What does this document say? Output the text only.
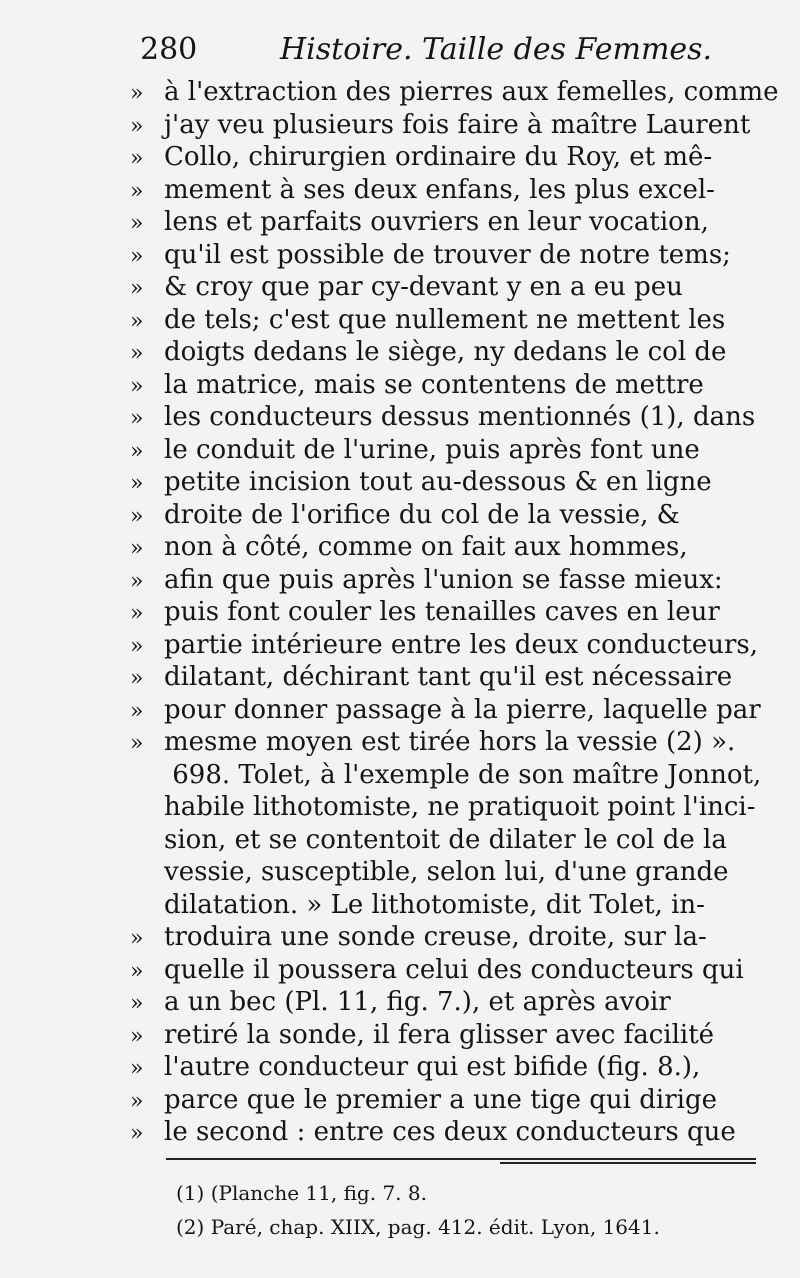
280	Histoire. Taille des Femmes.
» à l'extraction des pierres aux femelles, comme
» j'ay veu plusieurs fois faire à maître Laurent
» Collo, chirurgien ordinaire du Roy, et mê-
» mement à ses deux enfans, les plus excel-
» lens et parfaits ouvriers en leur vocation,
» qu'il est possible de trouver de notre tems;
» & croy que par cy-devant y en a eu peu
» de tels; c'est que nullement ne mettent les
» doigts dedans le siège, ny dedans le col de
» la matrice, mais se contentens de mettre
» les conducteurs dessus mentionnés (1), dans
» le conduit de l'urine, puis après font une
» petite incision tout au-dessous & en ligne
» droite de l'orifice du col de la vessie, &
» non à côté, comme on fait aux hommes,
» afin que puis après l'union se fasse mieux:
» puis font couler les tenailles caves en leur
» partie intérieure entre les deux conducteurs,
» dilatant, déchirant tant qu'il est nécessaire
» pour donner passage à la pierre, laquelle par
» mesme moyen est tirée hors la vessie (2) ».
698. Tolet, à l'exemple de son maître Jonnot,
habile lithotomiste, ne pratiquoit point l'inci-
sion, et se contentoit de dilater le col de la
vessie, susceptible, selon lui, d'une grande
dilatation. » Le lithotomiste, dit Tolet, in-
» troduira une sonde creuse, droite, sur la-
» quelle il poussera celui des conducteurs qui
» a un bec (Pl. 11, fig. 7.), et après avoir
» retiré la sonde, il fera glisser avec facilité
» l'autre conducteur qui est bifide (fig. 8.),
» parce que le premier a une tige qui dirige
» le second : entre ces deux conducteurs que
(1) (Planche 11, fig. 7. 8.
(2) Paré, chap. XIIX, pag. 412. édit. Lyon, 1641.
